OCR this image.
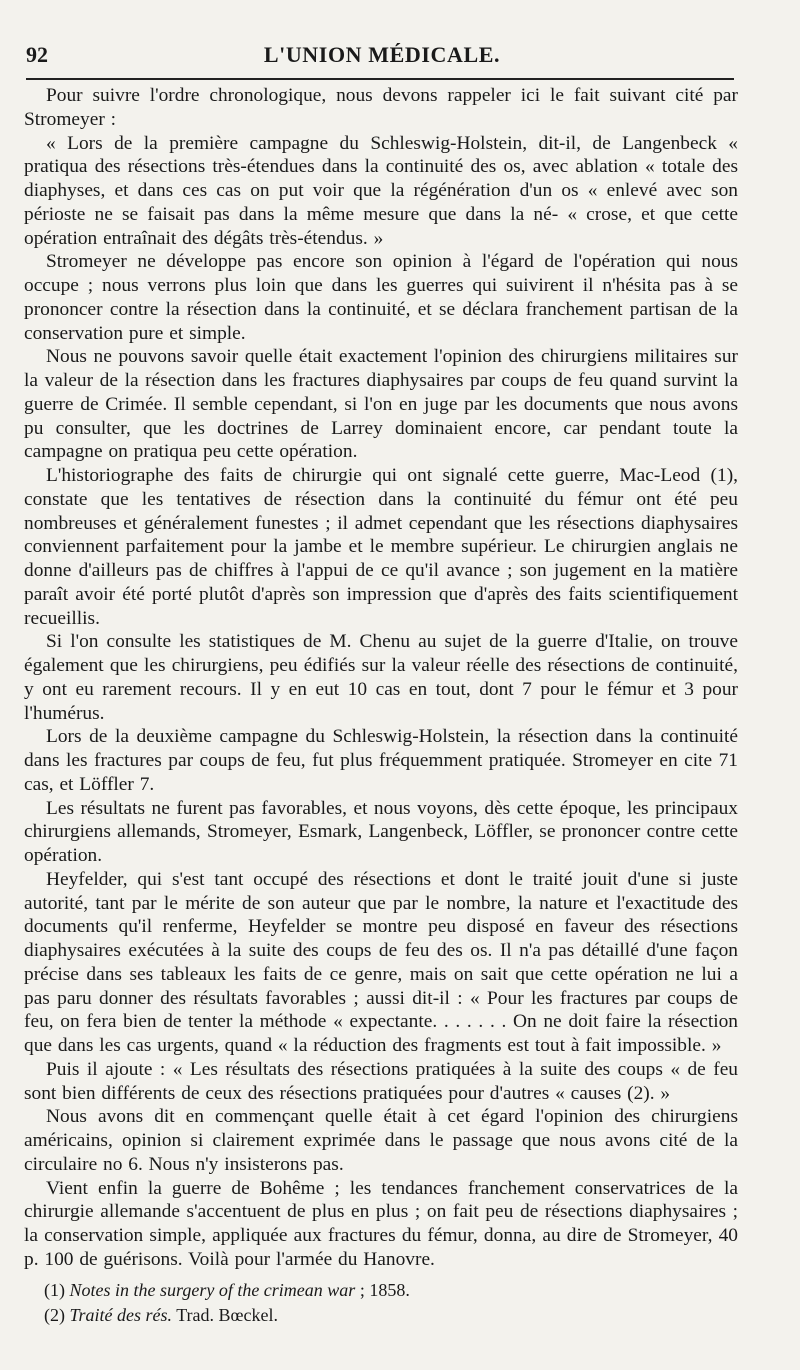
92	L'UNION MÉDICALE.

Pour suivre l'ordre chronologique, nous devons rappeler ici le fait suivant cité par Stromeyer :

« Lors de la première campagne du Schleswig-Holstein, dit-il, de Langenbeck « pratiqua des résections très-étendues dans la continuité des os, avec ablation « totale des diaphyses, et dans ces cas on put voir que la régénération d'un os « enlevé avec son périoste ne se faisait pas dans la même mesure que dans la né- « crose, et que cette opération entraînait des dégâts très-étendus. »

Stromeyer ne développe pas encore son opinion à l'égard de l'opération qui nous occupe ; nous verrons plus loin que dans les guerres qui suivirent il n'hésita pas à se prononcer contre la résection dans la continuité, et se déclara franchement partisan de la conservation pure et simple.

Nous ne pouvons savoir quelle était exactement l'opinion des chirurgiens militaires sur la valeur de la résection dans les fractures diaphysaires par coups de feu quand survint la guerre de Crimée. Il semble cependant, si l'on en juge par les documents que nous avons pu consulter, que les doctrines de Larrey dominaient encore, car pendant toute la campagne on pratiqua peu cette opération.

L'historiographe des faits de chirurgie qui ont signalé cette guerre, Mac-Leod (1), constate que les tentatives de résection dans la continuité du fémur ont été peu nombreuses et généralement funestes ; il admet cependant que les résections diaphysaires conviennent parfaitement pour la jambe et le membre supérieur. Le chirurgien anglais ne donne d'ailleurs pas de chiffres à l'appui de ce qu'il avance ; son jugement en la matière paraît avoir été porté plutôt d'après son impression que d'après des faits scientifiquement recueillis.

Si l'on consulte les statistiques de M. Chenu au sujet de la guerre d'Italie, on trouve également que les chirurgiens, peu édifiés sur la valeur réelle des résections de continuité, y ont eu rarement recours. Il y en eut 10 cas en tout, dont 7 pour le fémur et 3 pour l'humérus.

Lors de la deuxième campagne du Schleswig-Holstein, la résection dans la continuité dans les fractures par coups de feu, fut plus fréquemment pratiquée. Stromeyer en cite 71 cas, et Löffler 7.

Les résultats ne furent pas favorables, et nous voyons, dès cette époque, les principaux chirurgiens allemands, Stromeyer, Esmark, Langenbeck, Löffler, se prononcer contre cette opération.

Heyfelder, qui s'est tant occupé des résections et dont le traité jouit d'une si juste autorité, tant par le mérite de son auteur que par le nombre, la nature et l'exactitude des documents qu'il renferme, Heyfelder se montre peu disposé en faveur des résections diaphysaires exécutées à la suite des coups de feu des os. Il n'a pas détaillé d'une façon précise dans ses tableaux les faits de ce genre, mais on sait que cette opération ne lui a pas paru donner des résultats favorables ; aussi dit-il : « Pour les fractures par coups de feu, on fera bien de tenter la méthode « expectante. . . . . . . On ne doit faire la résection que dans les cas urgents, quand « la réduction des fragments est tout à fait impossible. »

Puis il ajoute : « Les résultats des résections pratiquées à la suite des coups « de feu sont bien différents de ceux des résections pratiquées pour d'autres « causes (2). »

Nous avons dit en commençant quelle était à cet égard l'opinion des chirurgiens américains, opinion si clairement exprimée dans le passage que nous avons cité de la circulaire no 6. Nous n'y insisterons pas.

Vient enfin la guerre de Bohême ; les tendances franchement conservatrices de la chirurgie allemande s'accentuent de plus en plus ; on fait peu de résections diaphysaires ; la conservation simple, appliquée aux fractures du fémur, donna, au dire de Stromeyer, 40 p. 100 de guérisons. Voilà pour l'armée du Hanovre.

(1) Notes in the surgery of the crimean war ; 1858.
(2) Traité des rés. Trad. Bœckel.
